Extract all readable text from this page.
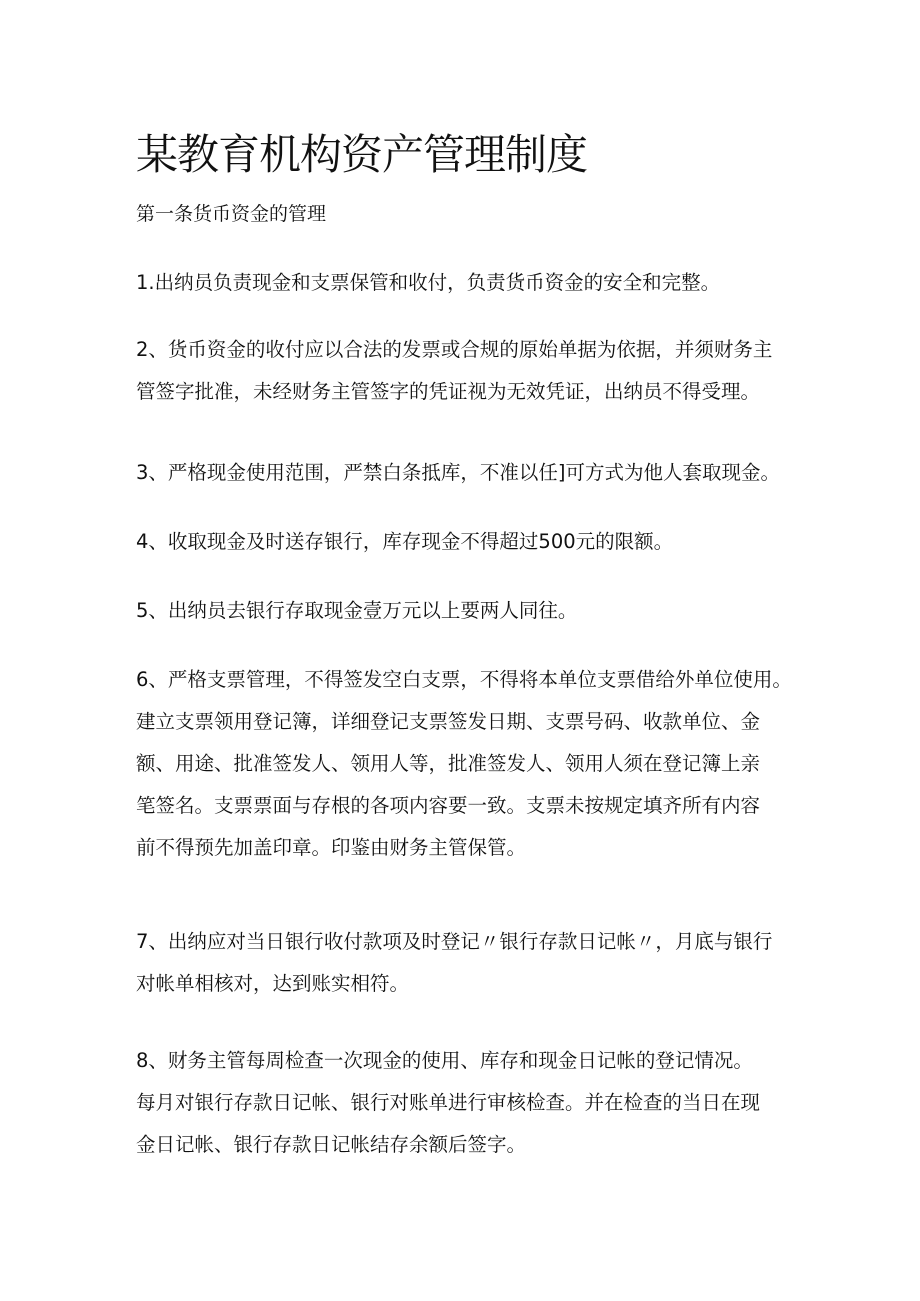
某教育机构资产管理制度
第一条货币资金的管理

1.出纳员负责现金和支票保管和收付，负责货币资金的安全和完整。

2、货币资金的收付应以合法的发票或合规的原始单据为依据，并须财务主
管签字批准，未经财务主管签字的凭证视为无效凭证，出纳员不得受理。

3、严格现金使用范围，严禁白条抵库，不准以任]可方式为他人套取现金。

4、收取现金及时送存银行，库存现金不得超过500元的限额。

5、出纳员去银行存取现金壹万元以上要两人同往。

6、严格支票管理，不得签发空白支票，不得将本单位支票借给外单位使用。
建立支票领用登记簿，详细登记支票签发日期、支票号码、收款单位、金
额、用途、批准签发人、领用人等，批准签发人、领用人须在登记簿上亲
笔签名。支票票面与存根的各项内容要一致。支票未按规定填齐所有内容
前不得预先加盖印章。印鉴由财务主管保管。

7、出纳应对当日银行收付款项及时登记〃银行存款日记帐〃，月底与银行
对帐单相核对，达到账实相符。

8、财务主管每周检查一次现金的使用、库存和现金日记帐的登记情况。
每月对银行存款日记帐、银行对账单进行审核检查。并在检查的当日在现
金日记帐、银行存款日记帐结存余额后签字。
